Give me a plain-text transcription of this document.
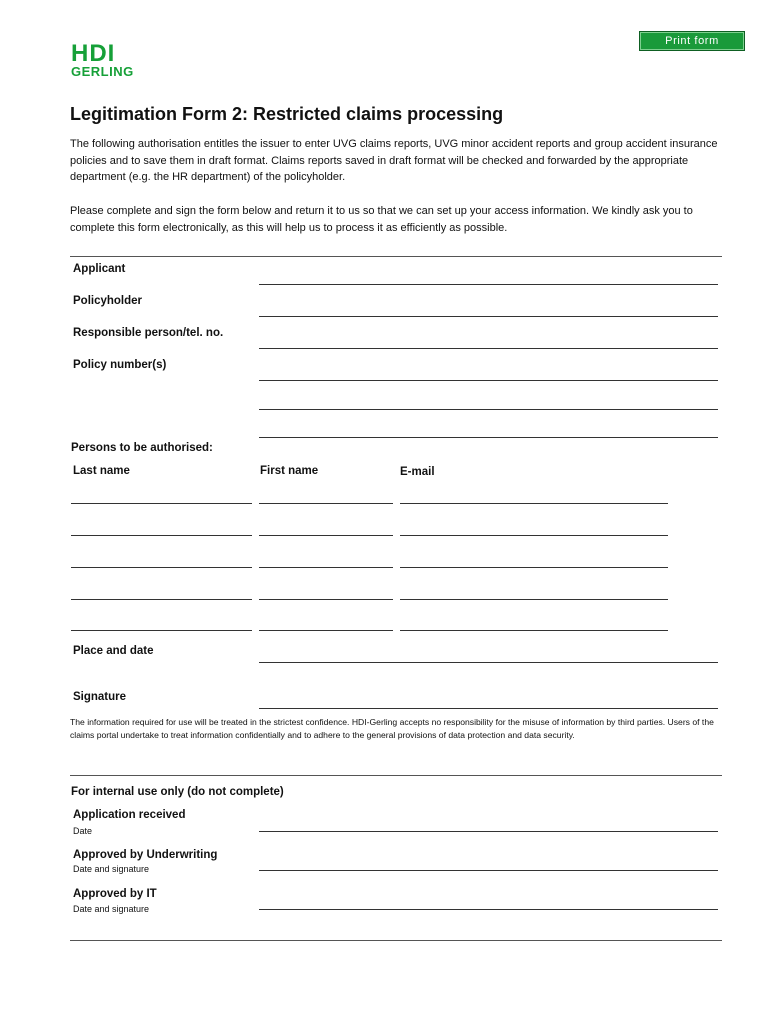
Print form
HDI
GERLING
Legitimation Form 2: Restricted claims processing
The following authorisation entitles the issuer to enter UVG claims reports, UVG minor accident reports and group accident insurance policies and to save them in draft format. Claims reports saved in draft format will be checked and forwarded by the appropriate department (e.g. the HR department) of the policyholder.
Please complete and sign the form below and return it to us so that we can set up your access information. We kindly ask you to complete this form electronically, as this will help us to process it as efficiently as possible.
Applicant
Policyholder
Responsible person/tel. no.
Policy number(s)
Persons to be authorised:
Last name	First name	E-mail
Place and date
Signature
The information required for use will be treated in the strictest confidence. HDI-Gerling accepts no responsibility for the misuse of information by third parties. Users of the claims portal undertake to treat information confidentially and to adhere to the general provisions of data protection and data security.
For internal use only (do not complete)
Application received
Date
Approved by Underwriting
Date and signature
Approved by IT
Date and signature
